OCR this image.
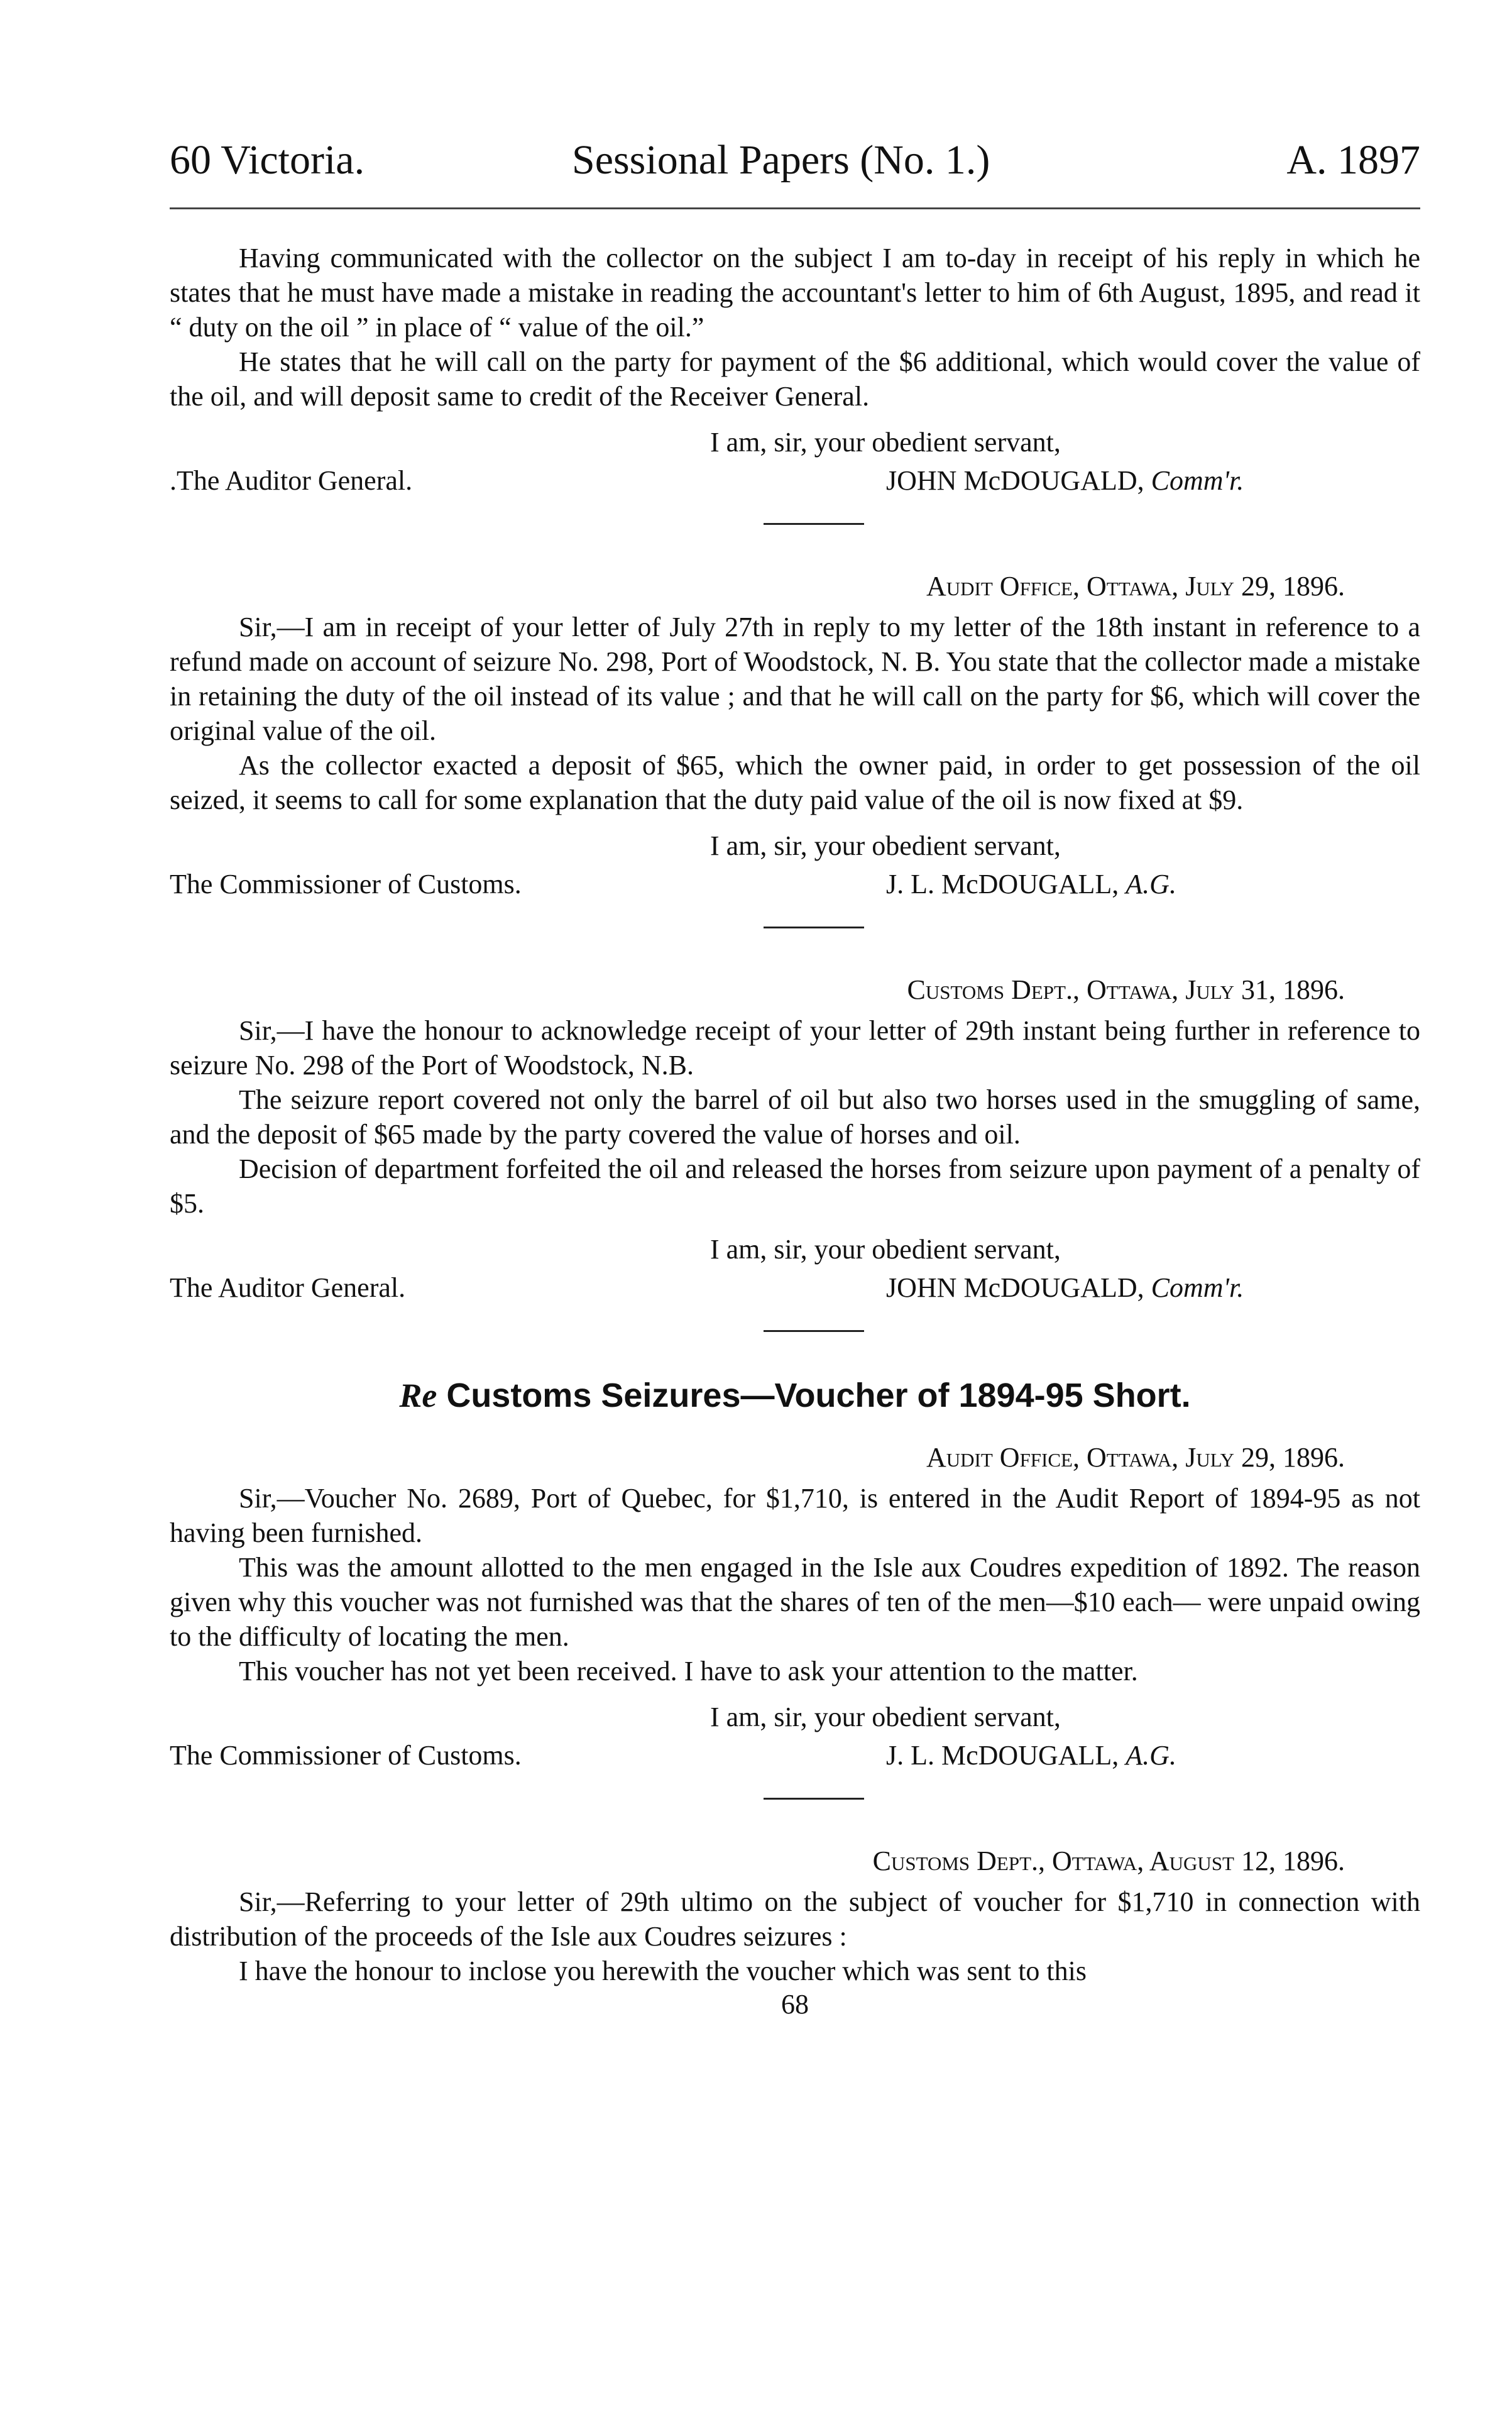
60 Victoria.	Sessional Papers (No. 1.)	A. 1897

Having communicated with the collector on the subject I am to-day in receipt of his reply in which he states that he must have made a mistake in reading the accountant's letter to him of 6th August, 1895, and read it “ duty on the oil ” in place of “ value of the oil.”

He states that he will call on the party for payment of the $6 additional, which would cover the value of the oil, and will deposit same to credit of the Receiver General.

I am, sir, your obedient servant,
.The Auditor General.	JOHN McDOUGALD, Comm'r.
Audit Office, Ottawa, July 29, 1896.

Sir,—I am in receipt of your letter of July 27th in reply to my letter of the 18th instant in reference to a refund made on account of seizure No. 298, Port of Woodstock, N. B. You state that the collector made a mistake in retaining the duty of the oil instead of its value ; and that he will call on the party for $6, which will cover the original value of the oil.

As the collector exacted a deposit of $65, which the owner paid, in order to get possession of the oil seized, it seems to call for some explanation that the duty paid value of the oil is now fixed at $9.

I am, sir, your obedient servant,
The Commissioner of Customs.	J. L. McDOUGALL, A.G.
Customs Dept., Ottawa, July 31, 1896.

Sir,—I have the honour to acknowledge receipt of your letter of 29th instant being further in reference to seizure No. 298 of the Port of Woodstock, N.B.

The seizure report covered not only the barrel of oil but also two horses used in the smuggling of same, and the deposit of $65 made by the party covered the value of horses and oil.

Decision of department forfeited the oil and released the horses from seizure upon payment of a penalty of $5.

I am, sir, your obedient servant,
The Auditor General.	JOHN McDOUGALD, Comm'r.
Re Customs Seizures—Voucher of 1894-95 Short.
Audit Office, Ottawa, July 29, 1896.

Sir,—Voucher No. 2689, Port of Quebec, for $1,710, is entered in the Audit Report of 1894-95 as not having been furnished.

This was the amount allotted to the men engaged in the Isle aux Coudres expedition of 1892. The reason given why this voucher was not furnished was that the shares of ten of the men—$10 each— were unpaid owing to the difficulty of locating the men.

This voucher has not yet been received. I have to ask your attention to the matter.

I am, sir, your obedient servant,
The Commissioner of Customs.	J. L. McDOUGALL, A.G.
Customs Dept., Ottawa, August 12, 1896.

Sir,—Referring to your letter of 29th ultimo on the subject of voucher for $1,710 in connection with distribution of the proceeds of the Isle aux Coudres seizures :

I have the honour to inclose you herewith the voucher which was sent to this

68
